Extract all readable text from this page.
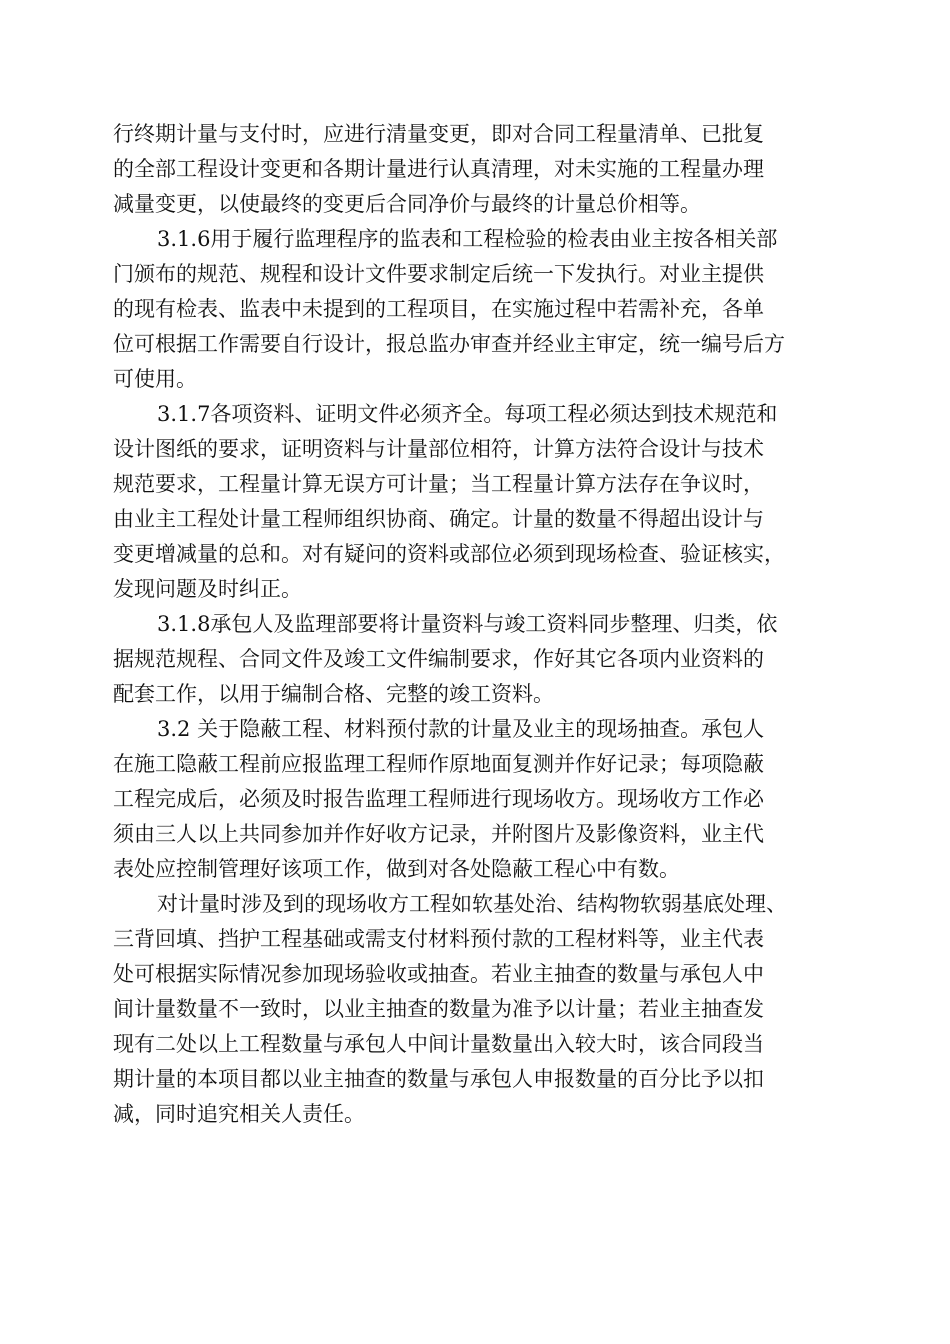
行终期计量与支付时，应进行清量变更，即对合同工程量清单、已批复
的全部工程设计变更和各期计量进行认真清理，对未实施的工程量办理
减量变更，以使最终的变更后合同净价与最终的计量总价相等。
3.1.6用于履行监理程序的监表和工程检验的检表由业主按各相关部
门颁布的规范、规程和设计文件要求制定后统一下发执行。对业主提供
的现有检表、监表中未提到的工程项目，在实施过程中若需补充，各单
位可根据工作需要自行设计，报总监办审查并经业主审定，统一编号后方
可使用。
3.1.7各项资料、证明文件必须齐全。每项工程必须达到技术规范和
设计图纸的要求，证明资料与计量部位相符，计算方法符合设计与技术
规范要求，工程量计算无误方可计量；当工程量计算方法存在争议时，
由业主工程处计量工程师组织协商、确定。计量的数量不得超出设计与
变更增减量的总和。对有疑问的资料或部位必须到现场检查、验证核实，
发现问题及时纠正。
3.1.8承包人及监理部要将计量资料与竣工资料同步整理、归类，依
据规范规程、合同文件及竣工文件编制要求，作好其它各项内业资料的
配套工作，以用于编制合格、完整的竣工资料。
3.2 关于隐蔽工程、材料预付款的计量及业主的现场抽查。承包人
在施工隐蔽工程前应报监理工程师作原地面复测并作好记录；每项隐蔽
工程完成后，必须及时报告监理工程师进行现场收方。现场收方工作必
须由三人以上共同参加并作好收方记录，并附图片及影像资料，业主代
表处应控制管理好该项工作，做到对各处隐蔽工程心中有数。
对计量时涉及到的现场收方工程如软基处治、结构物软弱基底处理、
三背回填、挡护工程基础或需支付材料预付款的工程材料等，业主代表
处可根据实际情况参加现场验收或抽查。若业主抽查的数量与承包人中
间计量数量不一致时，以业主抽查的数量为准予以计量；若业主抽查发
现有二处以上工程数量与承包人中间计量数量出入较大时，该合同段当
期计量的本项目都以业主抽查的数量与承包人申报数量的百分比予以扣
减，同时追究相关人责任。
